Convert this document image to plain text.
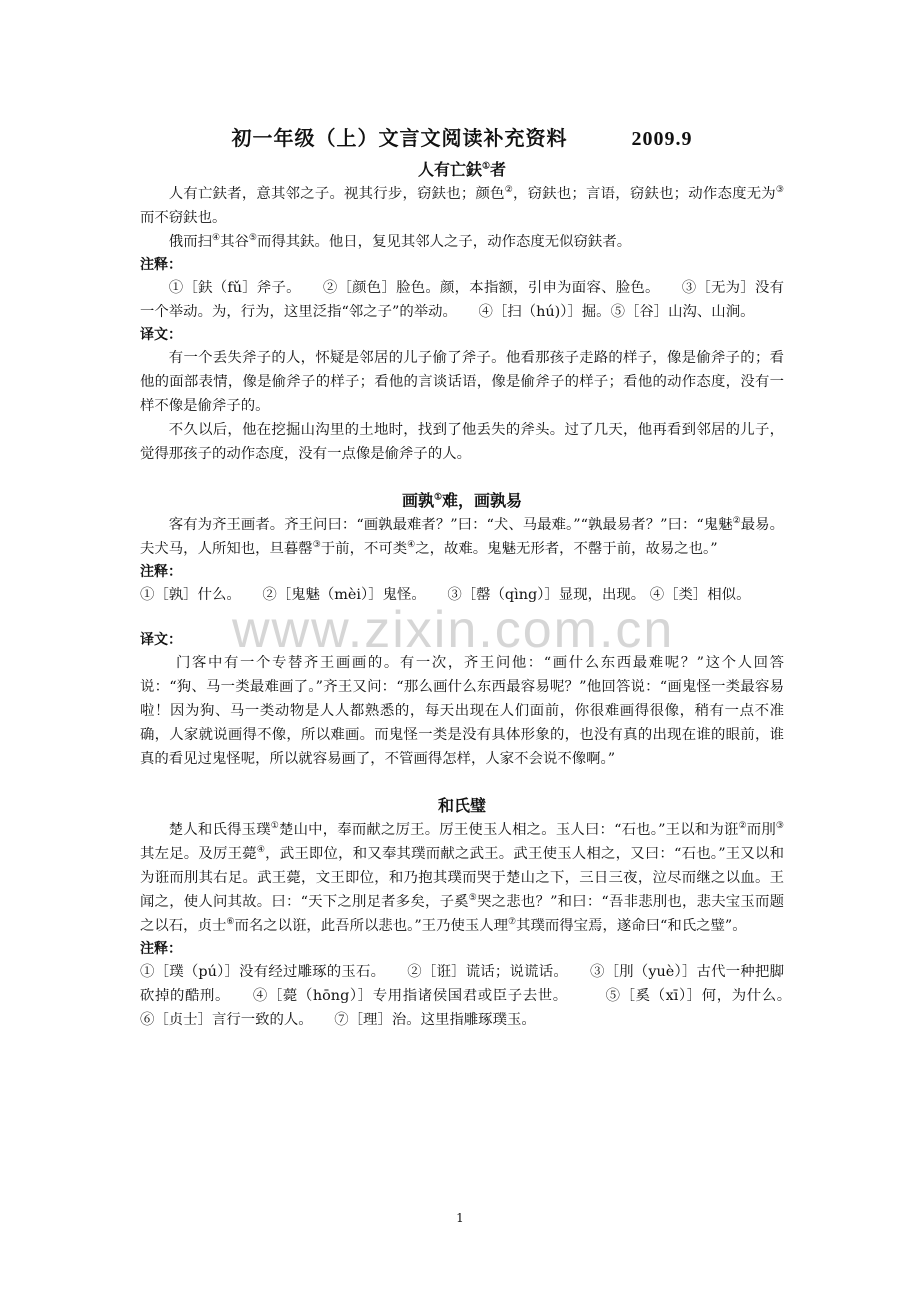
初一年级（上）文言文阅读补充资料	2009.9
人有亡鈇①者

人有亡鈇者，意其邻之子。视其行步，窃鈇也；颜色②，窃鈇也；言语，窃鈇也；动作态度无为③而不窃鈇也。

俄而扫④其谷⑤而得其鈇。他日，复见其邻人之子，动作态度无似窃鈇者。

注释：

①［鈇（fǔ］斧子。　　②［颜色］脸色。颜，本指额，引申为面容、脸色。　　③［无为］没有一个举动。为，行为，这里泛指“邻之子”的举动。　　④［扫（hú)）］掘。⑤［谷］山沟、山涧。

译文：

有一个丢失斧子的人，怀疑是邻居的儿子偷了斧子。他看那孩子走路的样子，像是偷斧子的；看他的面部表情，像是偷斧子的样子；看他的言谈话语，像是偷斧子的样子；看他的动作态度，没有一样不像是偷斧子的。

不久以后，他在挖掘山沟里的土地时，找到了他丢失的斧头。过了几天，他再看到邻居的儿子，觉得那孩子的动作态度，没有一点像是偷斧子的人。

画孰①难，画孰易

客有为齐王画者。齐王问曰：“画孰最难者？”曰：“犬、马最难。”“孰最易者？”曰：“鬼魅②最易。夫犬马，人所知也，旦暮罄③于前，不可类④之，故难。鬼魅无形者，不罄于前，故易之也。”

注释：

①［孰］什么。　　②［鬼魅（mèi）］鬼怪。　　③［罄（qìng）］显现，出现。 ④［类］相似。

译文：

门客中有一个专替齐王画画的。有一次，齐王问他：“画什么东西最难呢？”这个人回答说：“狗、马一类最难画了。”齐王又问：“那么画什么东西最容易呢？”他回答说：“画鬼怪一类最容易啦！因为狗、马一类动物是人人都熟悉的，每天出现在人们面前，你很难画得很像，稍有一点不准确，人家就说画得不像，所以难画。而鬼怪一类是没有具体形象的，也没有真的出现在谁的眼前，谁真的看见过鬼怪呢，所以就容易画了，不管画得怎样，人家不会说不像啊。”

和氏璧

楚人和氏得玉璞①楚山中，奉而献之厉王。厉王使玉人相之。玉人曰：“石也。”王以和为诳②而刖③其左足。及厉王薨④，武王即位，和又奉其璞而献之武王。武王使玉人相之，又曰：“石也。”王又以和为诳而刖其右足。武王薨，文王即位，和乃抱其璞而哭于楚山之下，三日三夜，泣尽而继之以血。王闻之，使人问其故。曰：“天下之刖足者多矣，子奚⑤哭之悲也？”和曰：“吾非悲刖也，悲夫宝玉而题之以石，贞士⑥而名之以诳，此吾所以悲也。”王乃使玉人理⑦其璞而得宝焉，遂命曰“和氏之璧”。

注释：

①［璞（pú）］没有经过雕琢的玉石。　　②［诳］谎话；说谎话。　　③［刖（yuè）］古代一种把脚砍掉的酷刑。　　④［薨（hōng）］专用指诸侯国君或臣子去世。　　　⑤［奚（xī）］何，为什么。　　⑥［贞士］言行一致的人。　　⑦［理］治。这里指雕琢璞玉。

www.zixin.com.cn
1
